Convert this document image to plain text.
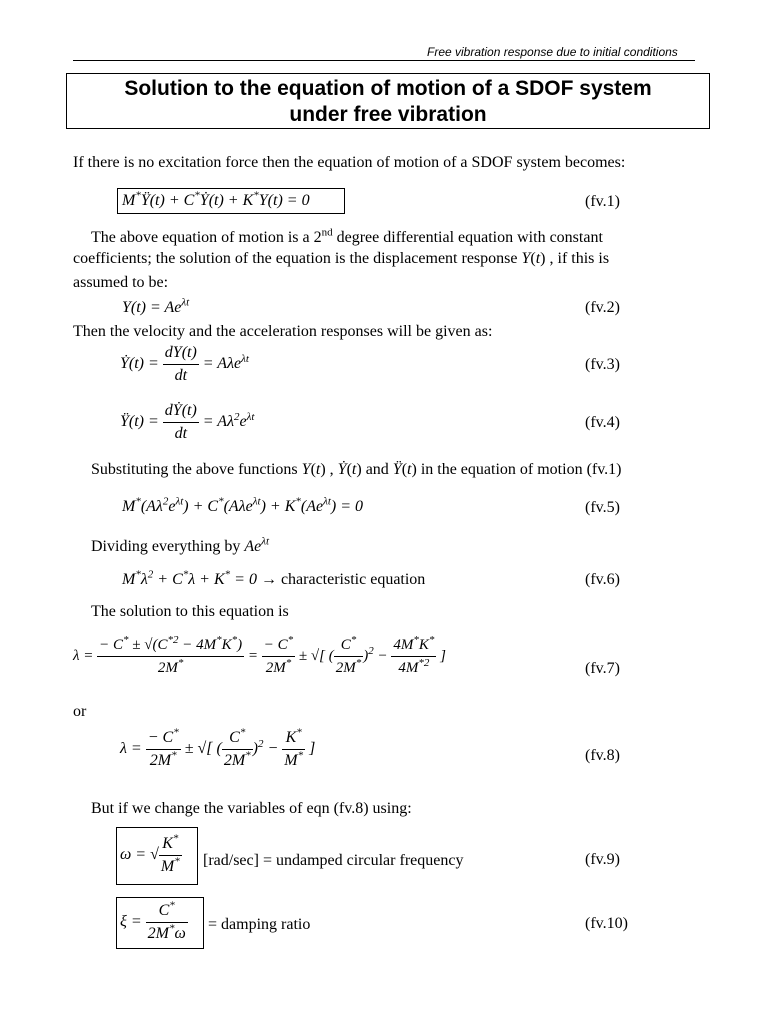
Free vibration response due to initial conditions
Solution to the equation of motion of a SDOF system
under free vibration
If there is no excitation force then the equation of motion of a SDOF system becomes:
M*Ÿ(t) + C*Ẏ(t) + K*Y(t) = 0	(fv.1)
The above equation of motion is a 2nd degree differential equation with constant
coefficients; the solution of the equation is the displacement response Y(t) , if this is
assumed to be:
$Y(t) = Ae^{\lambda t}$	(fv.2)
Then the velocity and the acceleration responses will be given as:
Ẏ(t) = $\frac{dY(t)}{dt} = A\lambda e^{\lambda t}$	(fv.3)
Ÿ(t) = $\frac{\text{dẎ(t)}}{dt} = A\lambda^2e^{\lambda t}$	(fv.4)
Substituting the above functions Y(t) , Ẏ(t) and Ÿ(t) in the equation of motion (fv.1)
$M^*(A\lambda^2e^{\lambda t}) + C^*(A\lambda e^{\lambda t}) + K^*(Ae^{\lambda t}) = 0$	(fv.5)
Dividing everything by $Ae^{\lambda t}$
$M^*\lambda^2 + C^*\lambda + K^* = 0$ → characteristic equation	(fv.6)
The solution to this equation is
$\lambda = \frac{- C^* \pm √(C^{*2} - 4M^*K^*)}{2M^*} = \frac{- C^*}{2M^*}$ ± √[ ( $\frac{C^*}{2M^*} )^2 - \frac{4M^*K^*}{4M^{*2}}$ ]
(fv.7)
or
$\lambda = \frac{- C^*}{2M^*}$ ± √[ ( $\frac{C^*}{2M^*} )^2 - \frac{K^*}{M^*}$ ]	(fv.8)
But if we change the variables of eqn (fv.8) using:
ω = √ $\frac{K^*}{M^*} [rad/\sec]$ = undamped circular frequency	(fv.9)
$\xi = \frac{C^*}{2M^*\omega}$ = damping ratio	(fv.10)
